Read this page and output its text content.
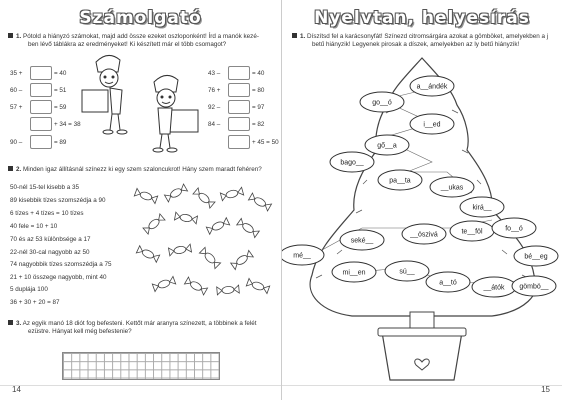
Számolgató
1. Pótold a hiányzó számokat, majd add össze ezeket oszloponként! Írd a manók kezé-
ben lévő táblákra az eredményeket! Ki készített már el több csomagot?
35 +	= 40
60 –	= 51
57 +	= 59
+ 34 = 38
90 –	= 89
43 –	= 40
76 +	= 80
92 –	= 97
84 –	= 82
+ 45 = 50
2. Minden igaz állításnál színezz ki egy szem szaloncukrot! Hány szem maradt fehéren?
50-nél 15-tel kisebb a 35
89 kisebbik tízes szomszédja a 90
6 tízes + 4 tízes = 10 tízes
40 fele = 10 + 10
70 és az 53 különbsége a 17
22-nél 30-cal nagyobb az 50
74 nagyobbik tízes szomszédja a 75
21 + 10 összege nagyobb, mint 40
5 duplája 100
36 + 30 + 20 = 87
3. Az egyik manó 18 diót fog befesteni. Kettőt már aranyra színezett, a többinek a felét
ezüstre. Hányat kell még befestenie?
14
Nyelvtan, helyesírás
1. Díszítsd fel a karácsonyfát! Színezd citromsárgára azokat a gömböket, amelyekben a j
betű hiányzik! Legyenek pirosak a díszek, amelyekben az ly betű hiányzik!
a__ándék
go__ó
i__ed
gő__a
bago__
pa__ta
__ukas
kirá__
seké__
__öszivá	te__föl	fo__ó
mé__	bé__eg
mi__en	sú__
a__tó
__átók gömbö__
15
